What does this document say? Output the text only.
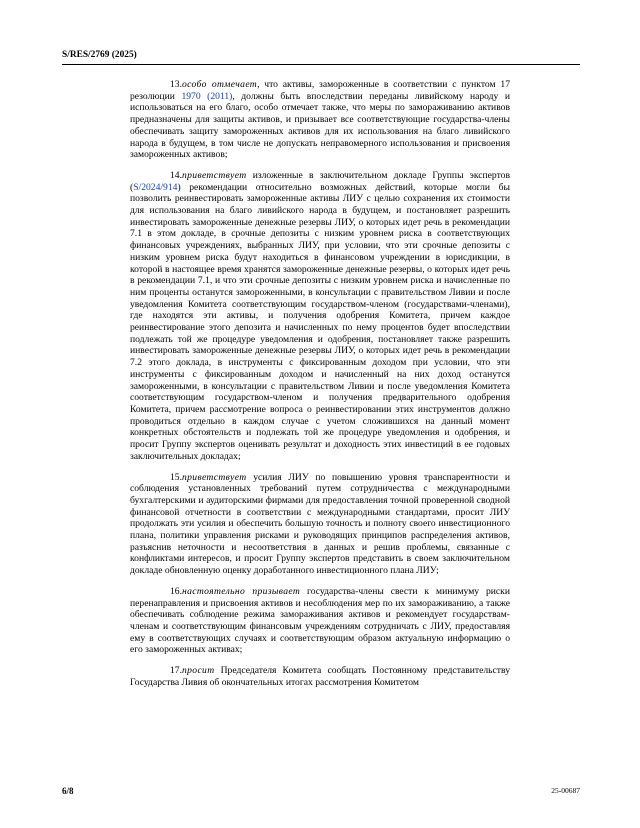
S/RES/2769 (2025)

13.особо отмечает, что активы, замороженные в соответствии с пунктом 17 резолюции 1970 (2011), должны быть впоследствии переданы ливийскому народу и использоваться на его благо, особо отмечает также, что меры по замораживанию активов предназначены для защиты активов, и призывает все соответствующие государства-члены обеспечивать защиту замороженных активов для их использования на благо ливийского народа в будущем, в том числе не допускать неправомерного использования и присвоения замороженных активов;

14.приветствует изложенные в заключительном докладе Группы экспертов (S/2024/914) рекомендации относительно возможных действий, которые могли бы позволить реинвестировать замороженные активы ЛИУ с целью сохранения их стоимости для использования на благо ливийского народа в будущем, и постановляет разрешить инвестировать замороженные денежные резервы ЛИУ, о которых идет речь в рекомендации 7.1 в этом докладе, в срочные депозиты с низким уровнем риска в соответствующих финансовых учреждениях, выбранных ЛИУ, при условии, что эти срочные депозиты с низким уровнем риска будут находиться в финансовом учреждении в юрисдикции, в которой в настоящее время хранятся замороженные денежные резервы, о которых идет речь в рекомендации 7.1, и что эти срочные депозиты с низким уровнем риска и начисленные по ним проценты останутся замороженными, в консультации с правительством Ливии и после уведомления Комитета соответствующим государством-членом (государствами-членами), где находятся эти активы, и получения одобрения Комитета, причем каждое реинвестирование этого депозита и начисленных по нему процентов будет впоследствии подлежать той же процедуре уведомления и одобрения, постановляет также разрешить инвестировать замороженные денежные резервы ЛИУ, о которых идет речь в рекомендации 7.2 этого доклада, в инструменты с фиксированным доходом при условии, что эти инструменты с фиксированным доходом и начисленный на них доход останутся замороженными, в консультации с правительством Ливии и после уведомления Комитета соответствующим государством-членом и получения предварительного одобрения Комитета, причем рассмотрение вопроса о реинвестировании этих инструментов должно проводиться отдельно в каждом случае с учетом сложившихся на данный момент конкретных обстоятельств и подлежать той же процедуре уведомления и одобрения, и просит Группу экспертов оценивать результат и доходность этих инвестиций в ее годовых заключительных докладах;

15.приветствует усилия ЛИУ по повышению уровня транспарентности и соблюдения установленных требований путем сотрудничества с международными бухгалтерскими и аудиторскими фирмами для предоставления точной проверенной сводной финансовой отчетности в соответствии с международными стандартами, просит ЛИУ продолжать эти усилия и обеспечить большую точность и полноту своего инвестиционного плана, политики управления рисками и руководящих принципов распределения активов, разъяснив неточности и несоответствия в данных и решив проблемы, связанные с конфликтами интересов, и просит Группу экспертов представить в своем заключительном докладе обновленную оценку доработанного инвестиционного плана ЛИУ;

16.настоятельно призывает государства-члены свести к минимуму риски перенаправления и присвоения активов и несоблюдения мер по их замораживанию, а также обеспечивать соблюдение режима замораживания активов и рекомендует государствам-членам и соответствующим финансовым учреждениям сотрудничать с ЛИУ, предоставляя ему в соответствующих случаях и соответствующим образом актуальную информацию о его замороженных активах;

17.просит Председателя Комитета сообщать Постоянному представительству Государства Ливия об окончательных итогах рассмотрения Комитетом

6/8	25-00687
